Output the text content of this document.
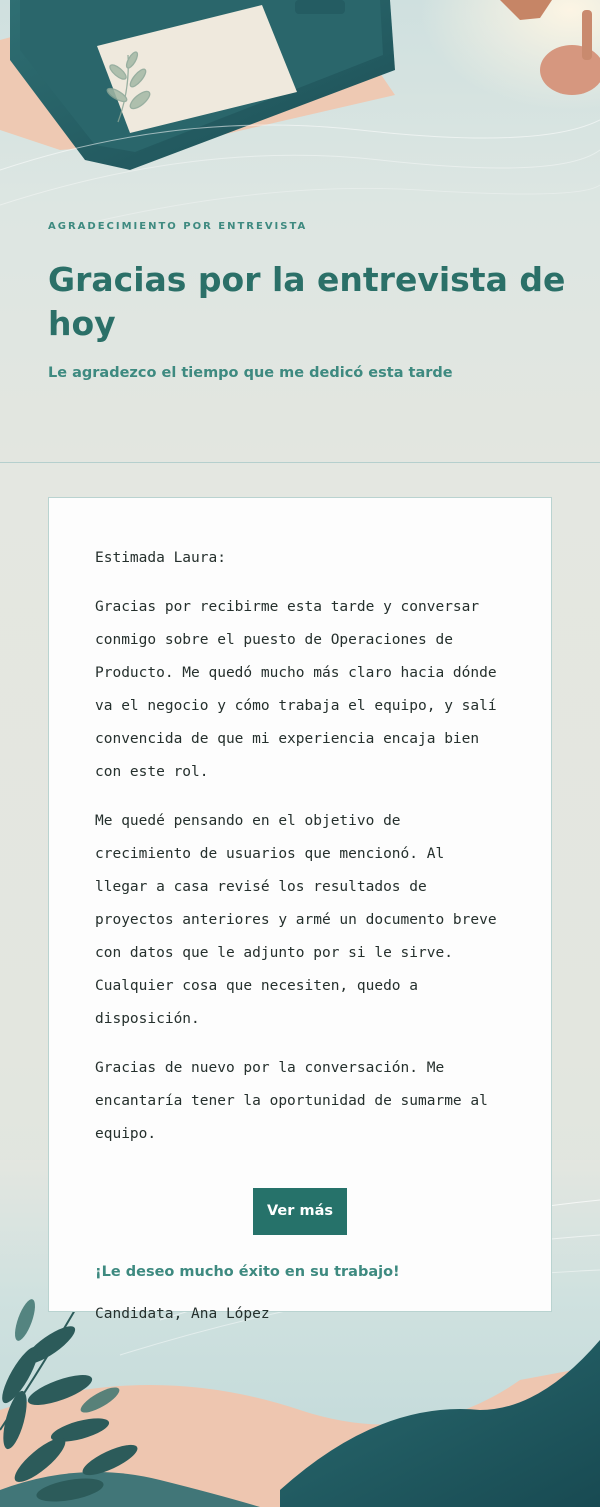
AGRADECIMIENTO POR ENTREVISTA
Gracias por la entrevista de hoy
Le agradezco el tiempo que me dedicó esta tarde

Estimada Laura:

Gracias por recibirme esta tarde y conversar conmigo sobre el puesto de Operaciones de Producto. Me quedó mucho más claro hacia dónde va el negocio y cómo trabaja el equipo, y salí convencida de que mi experiencia encaja bien con este rol.

Me quedé pensando en el objetivo de crecimiento de usuarios que mencionó. Al llegar a casa revisé los resultados de proyectos anteriores y armé un documento breve con datos que le adjunto por si le sirve. Cualquier cosa que necesiten, quedo a disposición.

Gracias de nuevo por la conversación. Me encantaría tener la oportunidad de sumarme al equipo.

Ver más

¡Le deseo mucho éxito en su trabajo!

Candidata, Ana López
